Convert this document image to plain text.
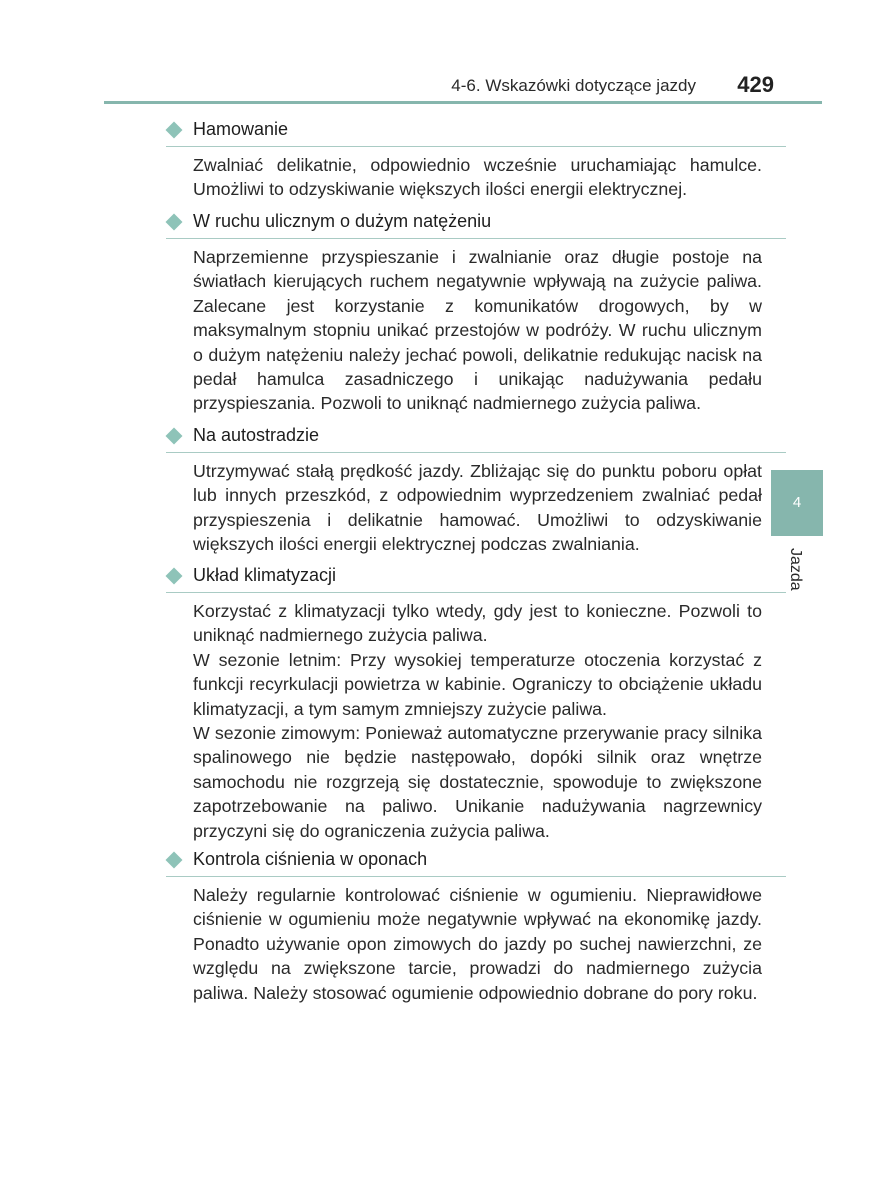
4-6. Wskazówki dotyczące jazdy	429
Hamowanie

Zwalniać delikatnie, odpowiednio wcześnie uruchamiając hamulce. Umożliwi to odzyskiwanie większych ilości energii elektrycznej.

W ruchu ulicznym o dużym natężeniu

Naprzemienne przyspieszanie i zwalnianie oraz długie postoje na światłach kierujących ruchem negatywnie wpływają na zużycie paliwa. Zalecane jest korzystanie z komunikatów drogowych, by w maksymalnym stopniu unikać przestojów w podróży. W ruchu ulicznym o dużym natężeniu należy jechać powoli, delikatnie redukując nacisk na pedał hamulca zasadniczego i unikając nadużywania pedału przyspieszania. Pozwoli to uniknąć nadmiernego zużycia paliwa.

Na autostradzie

Utrzymywać stałą prędkość jazdy. Zbliżając się do punktu poboru opłat lub innych przeszkód, z odpowiednim wyprzedzeniem zwalniać pedał przyspieszenia i delikatnie hamować. Umożliwi to odzyskiwanie większych ilości energii elektrycznej podczas zwalniania.

Układ klimatyzacji

Korzystać z klimatyzacji tylko wtedy, gdy jest to konieczne. Pozwoli to uniknąć nadmiernego zużycia paliwa.

W sezonie letnim: Przy wysokiej temperaturze otoczenia korzystać z funkcji recyrkulacji powietrza w kabinie. Ograniczy to obciążenie układu klimatyzacji, a tym samym zmniejszy zużycie paliwa.

W sezonie zimowym: Ponieważ automatyczne przerywanie pracy silnika spalinowego nie będzie następowało, dopóki silnik oraz wnętrze samochodu nie rozgrzeją się dostatecznie, spowoduje to zwiększone zapotrzebowanie na paliwo. Unikanie nadużywania nagrzewnicy przyczyni się do ograniczenia zużycia paliwa.

Kontrola ciśnienia w oponach

Należy regularnie kontrolować ciśnienie w ogumieniu. Nieprawidłowe ciśnienie w ogumieniu może negatywnie wpływać na ekonomikę jazdy. Ponadto używanie opon zimowych do jazdy po suchej nawierzchni, ze względu na zwiększone tarcie, prowadzi do nadmiernego zużycia paliwa. Należy stosować ogumienie odpowiednio dobrane do pory roku.

4
Jazda
